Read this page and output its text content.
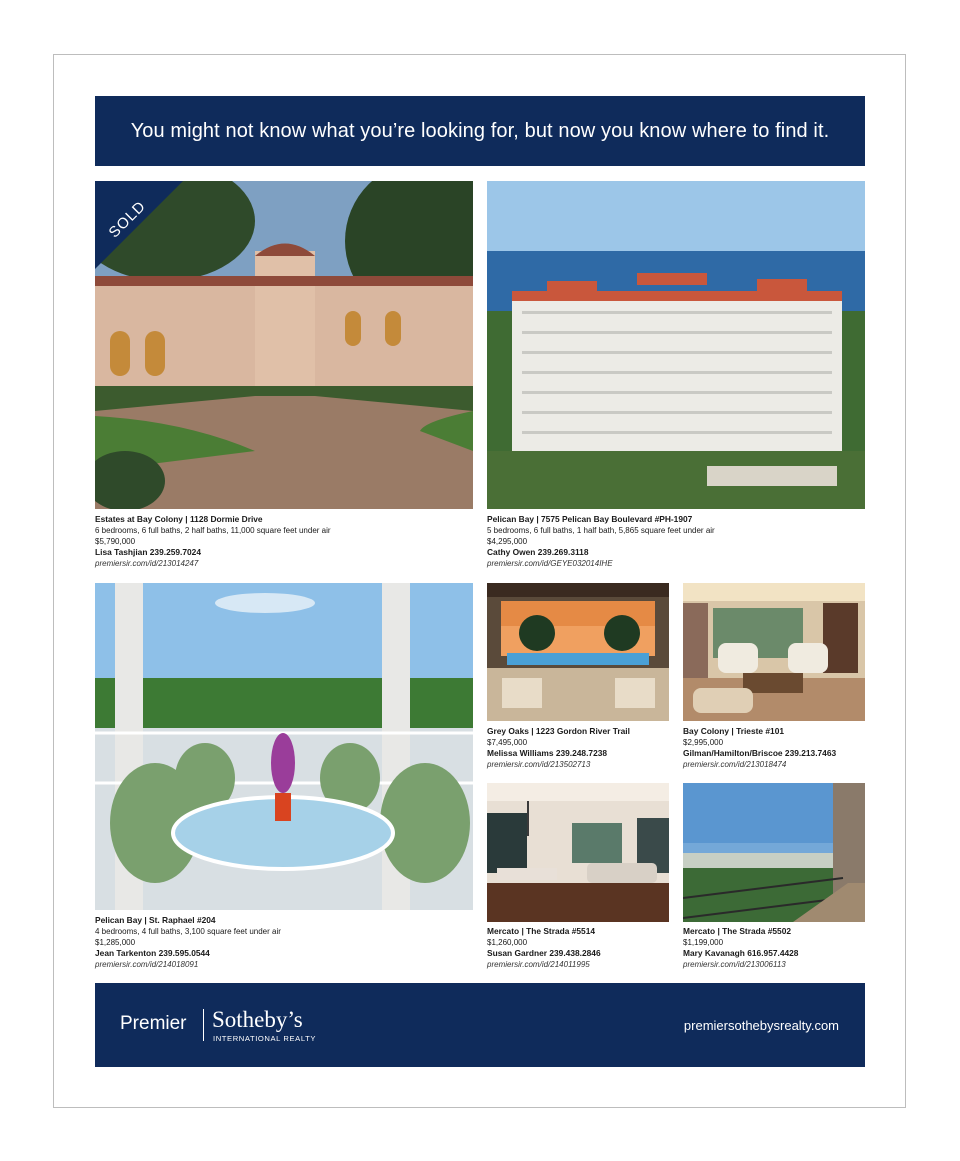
You might not know what you’re looking for, but now you know where to find it.
SOLD
Estates at Bay Colony | 1128 Dormie Drive
6 bedrooms, 6 full baths, 2 half baths, 11,000 square feet under air
$5,790,000
Lisa Tashjian 239.259.7024
premiersir.com/id/213014247
Pelican Bay | 7575 Pelican Bay Boulevard #PH-1907
5 bedrooms, 6 full baths, 1 half bath, 5,865 square feet under air
$4,295,000
Cathy Owen 239.269.3118
premiersir.com/id/GEYE032014IHE
Grey Oaks | 1223 Gordon River Trail
$7,495,000
Melissa Williams 239.248.7238
premiersir.com/id/213502713
Bay Colony | Trieste #101
$2,995,000
Gilman/Hamilton/Briscoe 239.213.7463
premiersir.com/id/213018474
Pelican Bay | St. Raphael #204
4 bedrooms, 4 full baths, 3,100 square feet under air
$1,285,000
Jean Tarkenton 239.595.0544
premiersir.com/id/214018091
Mercato | The Strada #5514
$1,260,000
Susan Gardner 239.438.2846
premiersir.com/id/214011995
Mercato | The Strada #5502
$1,199,000
Mary Kavanagh 616.957.4428
premiersir.com/id/213006113
Premier Sotheby’s
INTERNATIONAL REALTY
premiersothebysrealty.com
